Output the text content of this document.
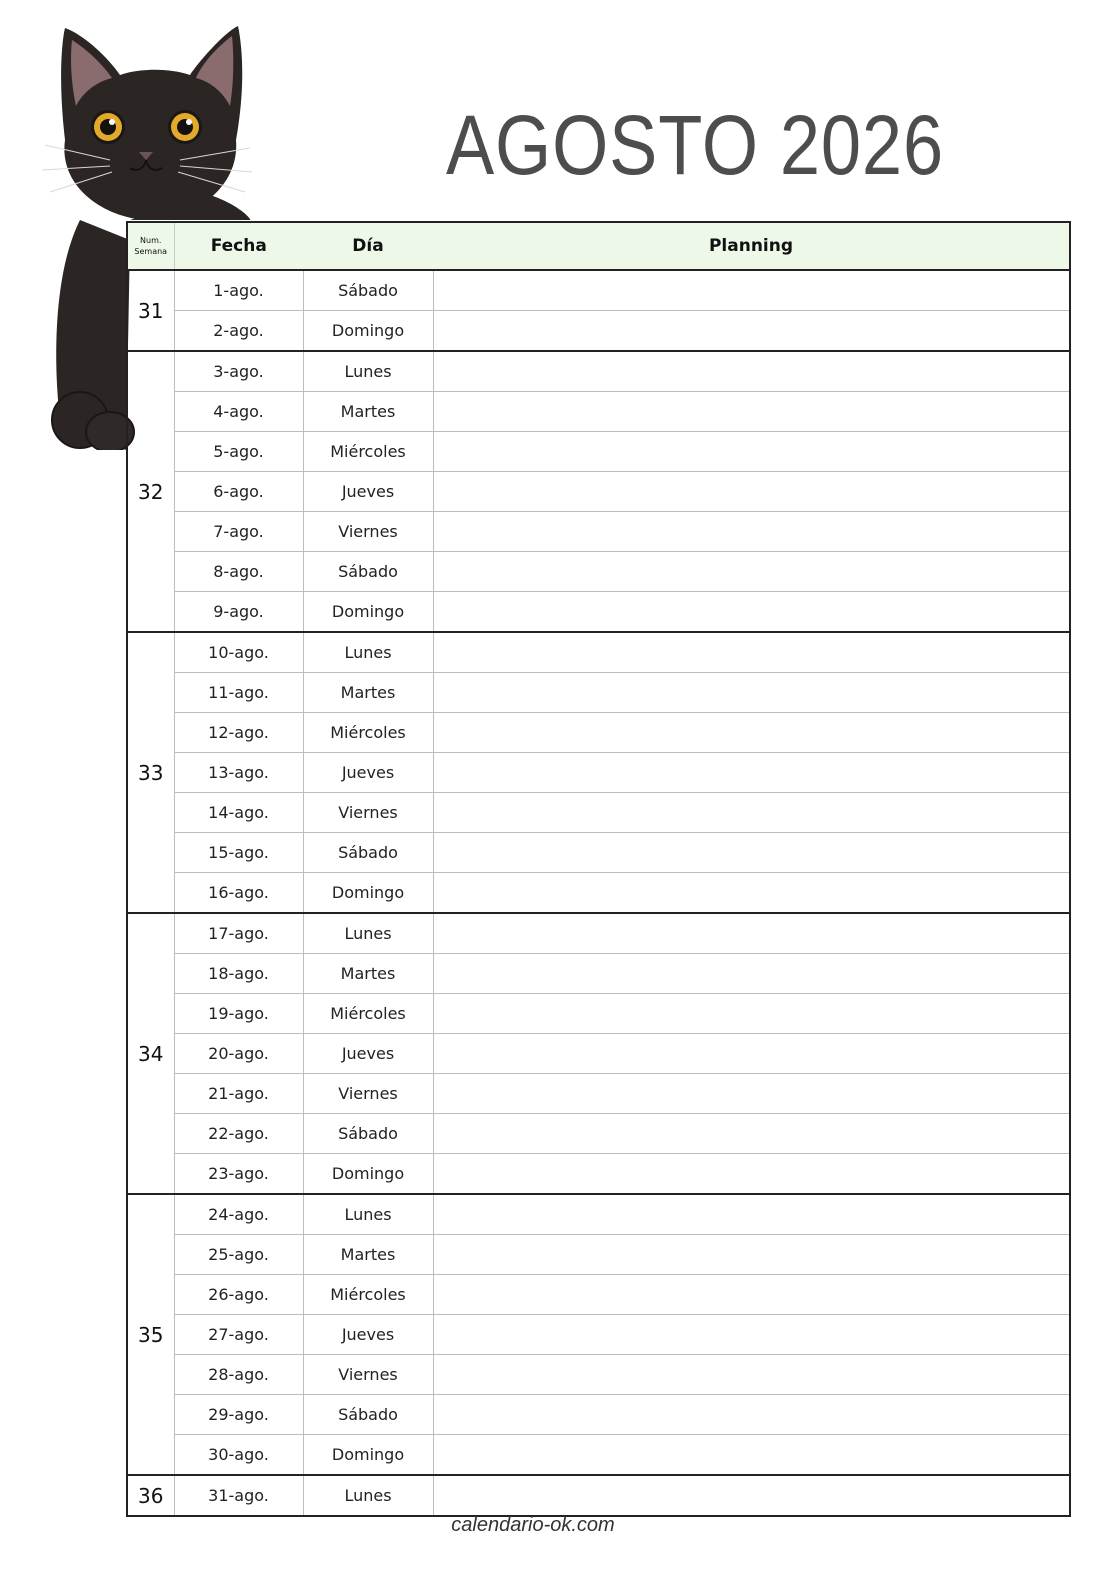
AGOSTO 2026
Num.
Semana	Fecha	Día	Planning
31	1-ago.	Sábado	
	2-ago.	Domingo	
32	3-ago.	Lunes	
	4-ago.	Martes	
	5-ago.	Miércoles	
	6-ago.	Jueves	
	7-ago.	Viernes	
	8-ago.	Sábado	
	9-ago.	Domingo	
33	10-ago.	Lunes	
	11-ago.	Martes	
	12-ago.	Miércoles	
	13-ago.	Jueves	
	14-ago.	Viernes	
	15-ago.	Sábado	
	16-ago.	Domingo	
34	17-ago.	Lunes	
	18-ago.	Martes	
	19-ago.	Miércoles	
	20-ago.	Jueves	
	21-ago.	Viernes	
	22-ago.	Sábado	
	23-ago.	Domingo	
35	24-ago.	Lunes	
	25-ago.	Martes	
	26-ago.	Miércoles	
	27-ago.	Jueves	
	28-ago.	Viernes	
	29-ago.	Sábado	
	30-ago.	Domingo	
36	31-ago.	Lunes	
calendario-ok.com
